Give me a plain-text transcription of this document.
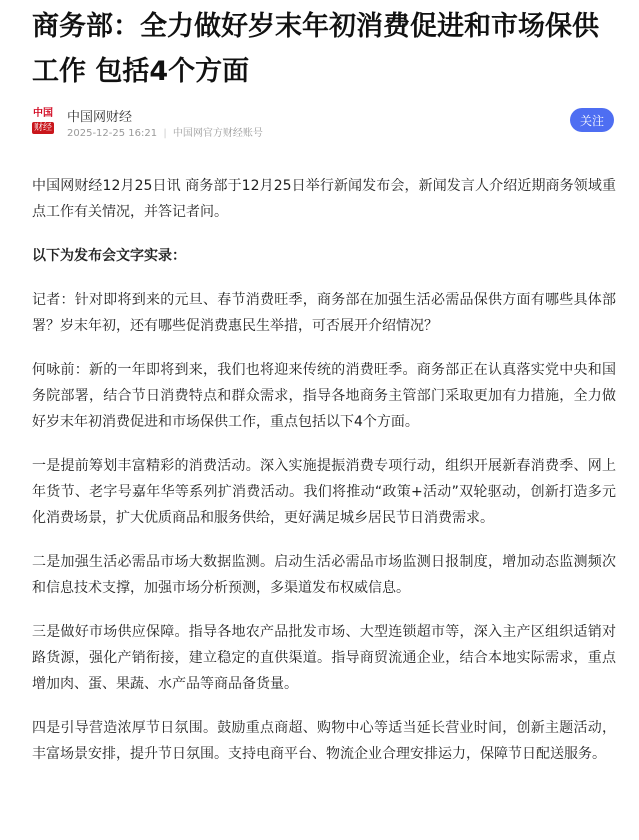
商务部：全力做好岁末年初消费促进和市场保供工作 包括4个方面
中国
财经
中国网财经
2025-12-25 16:21 | 中国网官方财经账号
关注

中国网财经12月25日讯 商务部于12月25日举行新闻发布会，新闻发言人介绍近期商务领域重点工作有关情况，并答记者问。

以下为发布会文字实录：

记者：针对即将到来的元旦、春节消费旺季，商务部在加强生活必需品保供方面有哪些具体部署？岁末年初，还有哪些促消费惠民生举措，可否展开介绍情况？

何咏前：新的一年即将到来，我们也将迎来传统的消费旺季。商务部正在认真落实党中央和国务院部署，结合节日消费特点和群众需求，指导各地商务主管部门采取更加有力措施，全力做好岁末年初消费促进和市场保供工作，重点包括以下4个方面。

一是提前筹划丰富精彩的消费活动。深入实施提振消费专项行动，组织开展新春消费季、网上年货节、老字号嘉年华等系列扩消费活动。我们将推动“政策+活动”双轮驱动，创新打造多元化消费场景，扩大优质商品和服务供给，更好满足城乡居民节日消费需求。

二是加强生活必需品市场大数据监测。启动生活必需品市场监测日报制度，增加动态监测频次和信息技术支撑，加强市场分析预测，多渠道发布权威信息。

三是做好市场供应保障。指导各地农产品批发市场、大型连锁超市等，深入主产区组织适销对路货源，强化产销衔接，建立稳定的直供渠道。指导商贸流通企业，结合本地实际需求，重点增加肉、蛋、果蔬、水产品等商品备货量。

四是引导营造浓厚节日氛围。鼓励重点商超、购物中心等适当延长营业时间，创新主题活动，丰富场景安排，提升节日氛围。支持电商平台、物流企业合理安排运力，保障节日配送服务。
